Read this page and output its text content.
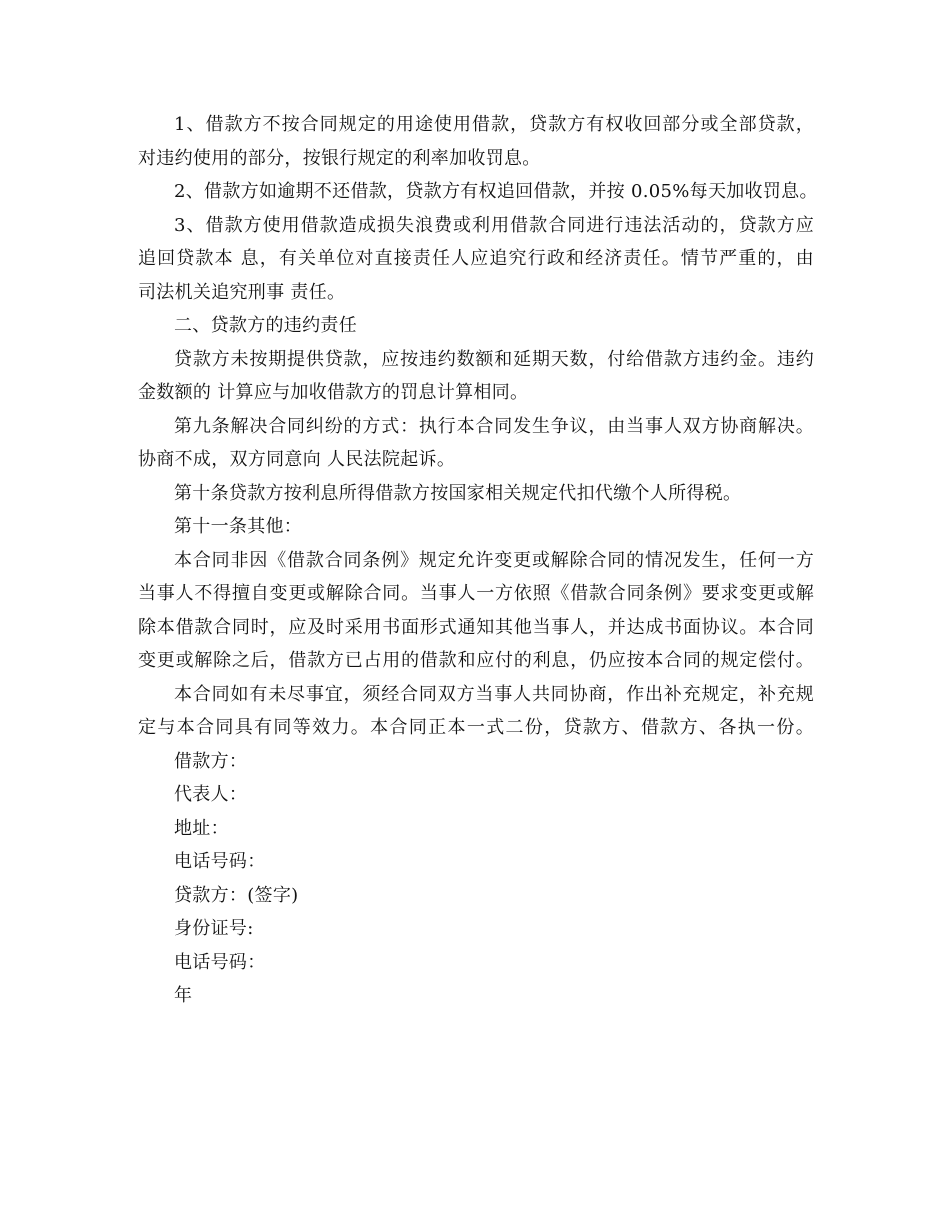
1、借款方不按合同规定的用途使用借款，贷款方有权收回部分或全部贷款，
对违约使用的部分，按银行规定的利率加收罚息。
2、借款方如逾期不还借款，贷款方有权追回借款，并按 0.05%每天加收罚息。
3、借款方使用借款造成损失浪费或利用借款合同进行违法活动的，贷款方应
追回贷款本 息，有关单位对直接责任人应追究行政和经济责任。情节严重的，由
司法机关追究刑事 责任。
二、贷款方的违约责任
贷款方未按期提供贷款，应按违约数额和延期天数，付给借款方违约金。违约
金数额的 计算应与加收借款方的罚息计算相同。
第九条解决合同纠纷的方式：执行本合同发生争议，由当事人双方协商解决。
协商不成，双方同意向 人民法院起诉。
第十条贷款方按利息所得借款方按国家相关规定代扣代缴个人所得税。
第十一条其他：
本合同非因《借款合同条例》规定允许变更或解除合同的情况发生，任何一方
当事人不得擅自变更或解除合同。当事人一方依照《借款合同条例》要求变更或解
除本借款合同时，应及时采用书面形式通知其他当事人，并达成书面协议。本合同
变更或解除之后，借款方已占用的借款和应付的利息，仍应按本合同的规定偿付。
本合同如有未尽事宜，须经合同双方当事人共同协商，作出补充规定，补充规
定与本合同具有同等效力。本合同正本一式二份，贷款方、借款方、各执一份。
借款方：
代表人：
地址：
电话号码：
贷款方：(签字)
身份证号:
电话号码：
年
